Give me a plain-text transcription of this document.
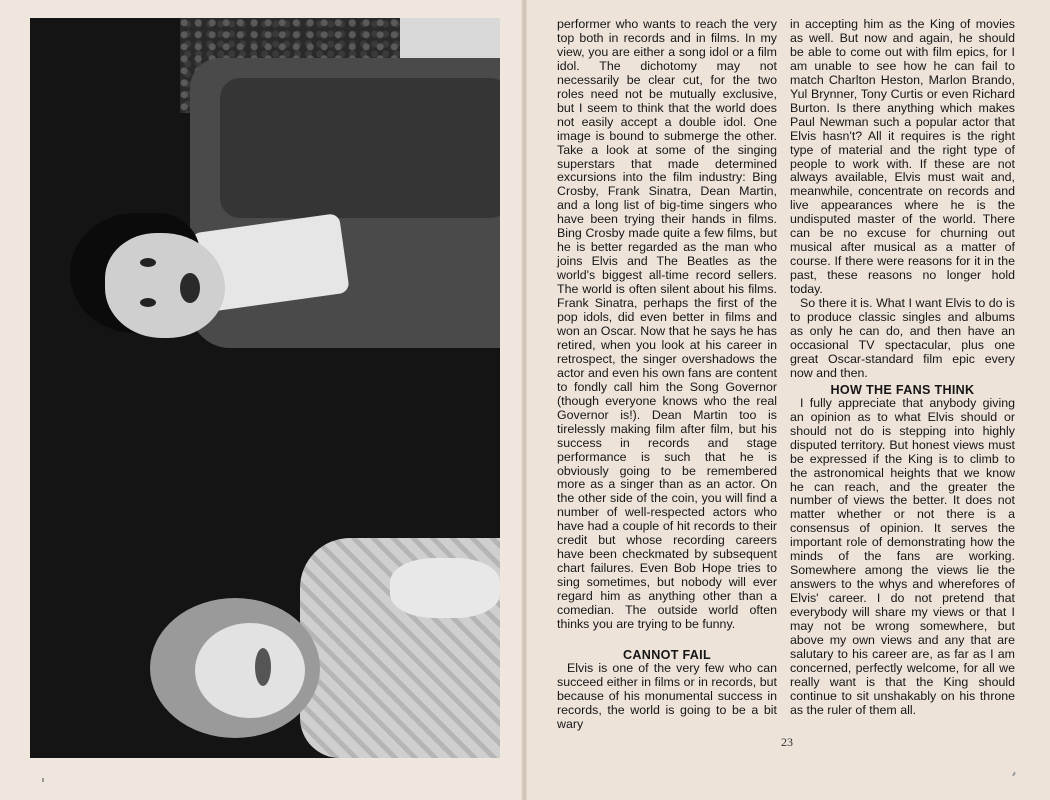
performer who wants to reach the very top both in records and in films. In my view, you are either a song idol or a film idol. The dichotomy may not necessarily be clear cut, for the two roles need not be mutually exclusive, but I seem to think that the world does not easily accept a double idol. One image is bound to submerge the other. Take a look at some of the singing superstars that made determined excursions into the film industry: Bing Crosby, Frank Sinatra, Dean Martin, and a long list of big-time singers who have been trying their hands in films. Bing Crosby made quite a few films, but he is better regarded as the man who joins Elvis and The Beatles as the world's biggest all-time record sellers. The world is often silent about his films. Frank Sinatra, perhaps the first of the pop idols, did even better in films and won an Oscar. Now that he says he has retired, when you look at his career in retrospect, the singer overshadows the actor and even his own fans are content to fondly call him the Song Governor (though everyone knows who the real Governor is!). Dean Martin too is tirelessly making film after film, but his success in records and stage performance is such that he is obviously going to be remembered more as a singer than as an actor. On the other side of the coin, you will find a number of well-respected actors who have had a couple of hit records to their credit but whose recording careers have been checkmated by subsequent chart failures. Even Bob Hope tries to sing sometimes, but nobody will ever regard him as anything other than a comedian. The outside world often thinks you are trying to be funny.

CANNOT FAIL

Elvis is one of the very few who can succeed either in films or in records, but because of his monumental success in records, the world is going to be a bit wary

in accepting him as the King of movies as well. But now and again, he should be able to come out with film epics, for I am unable to see how he can fail to match Charlton Heston, Marlon Brando, Yul Brynner, Tony Curtis or even Richard Burton. Is there anything which makes Paul Newman such a popular actor that Elvis hasn't? All it requires is the right type of material and the right type of people to work with. If these are not always available, Elvis must wait and, meanwhile, concentrate on records and live appearances where he is the undisputed master of the world. There can be no excuse for churning out musical after musical as a matter of course. If there were reasons for it in the past, these reasons no longer hold today.

So there it is. What I want Elvis to do is to produce classic singles and albums as only he can do, and then have an occasional TV spectacular, plus one great Oscar-standard film epic every now and then.

HOW THE FANS THINK

I fully appreciate that anybody giving an opinion as to what Elvis should or should not do is stepping into highly disputed territory. But honest views must be expressed if the King is to climb to the astronomical heights that we know he can reach, and the greater the number of views the better. It does not matter whether or not there is a consensus of opinion. It serves the important role of demonstrating how the minds of the fans are working. Somewhere among the views lie the answers to the whys and wherefores of Elvis' career. I do not pretend that everybody will share my views or that I may not be wrong somewhere, but above my own views and any that are salutary to his career are, as far as I am concerned, perfectly welcome, for all we really want is that the King should continue to sit unshakably on his throne as the ruler of them all.

23
